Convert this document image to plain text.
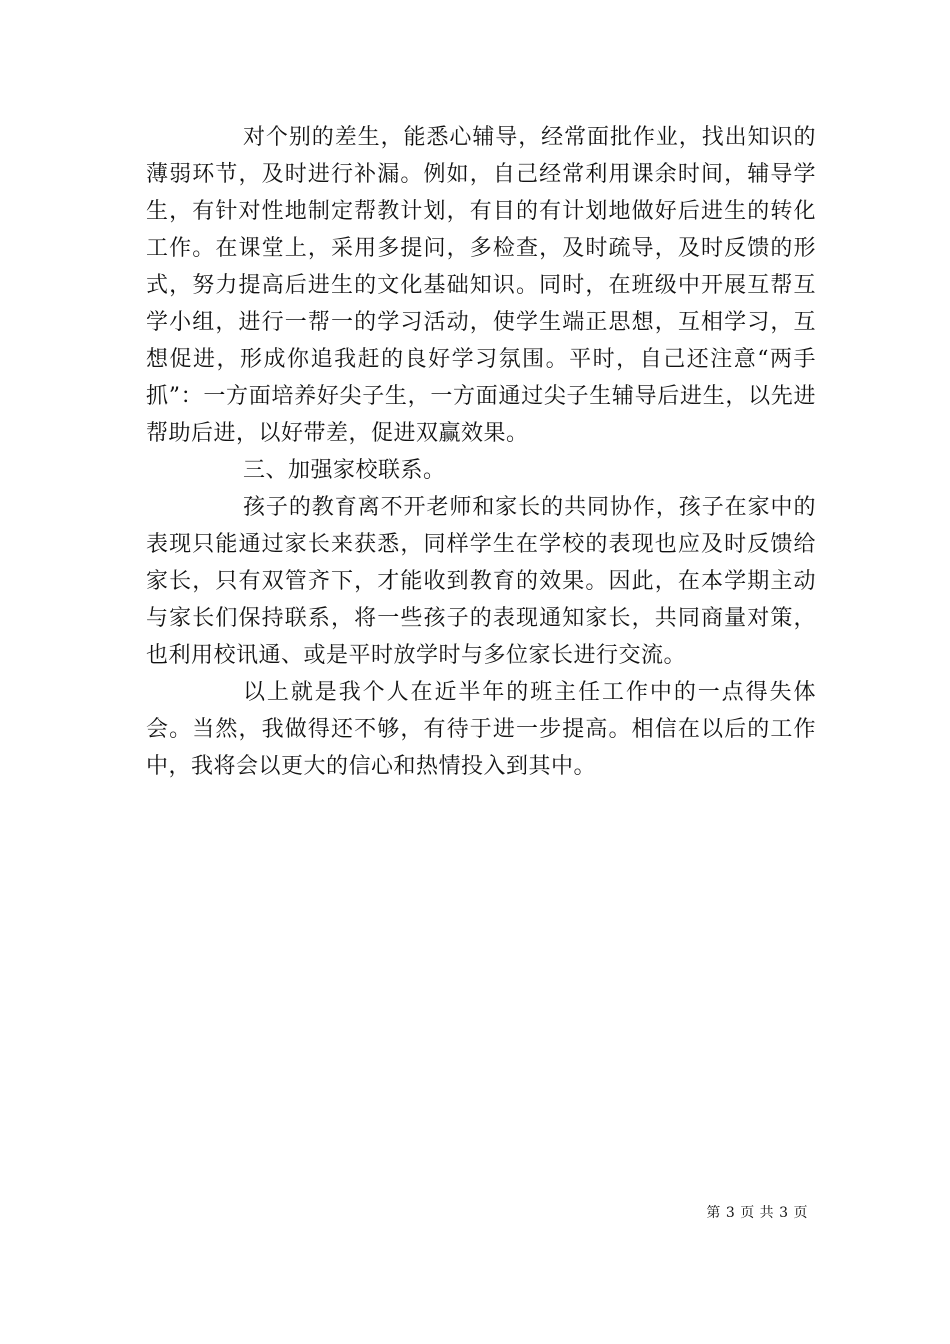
对个别的差生，能悉心辅导，经常面批作业，找出知识的薄弱环节，及时进行补漏。例如，自己经常利用课余时间，辅导学生，有针对性地制定帮教计划，有目的有计划地做好后进生的转化工作。在课堂上，采用多提问，多检查，及时疏导，及时反馈的形式，努力提高后进生的文化基础知识。同时，在班级中开展互帮互学小组，进行一帮一的学习活动，使学生端正思想，互相学习，互想促进，形成你追我赶的良好学习氛围。平时，自己还注意“两手抓”：一方面培养好尖子生，一方面通过尖子生辅导后进生，以先进帮助后进，以好带差，促进双赢效果。

三、加强家校联系。

孩子的教育离不开老师和家长的共同协作，孩子在家中的表现只能通过家长来获悉，同样学生在学校的表现也应及时反馈给家长，只有双管齐下，才能收到教育的效果。因此，在本学期主动与家长们保持联系，将一些孩子的表现通知家长，共同商量对策，也利用校讯通、或是平时放学时与多位家长进行交流。

以上就是我个人在近半年的班主任工作中的一点得失体会。当然，我做得还不够，有待于进一步提高。相信在以后的工作中，我将会以更大的信心和热情投入到其中。

第 3 页 共 3 页
